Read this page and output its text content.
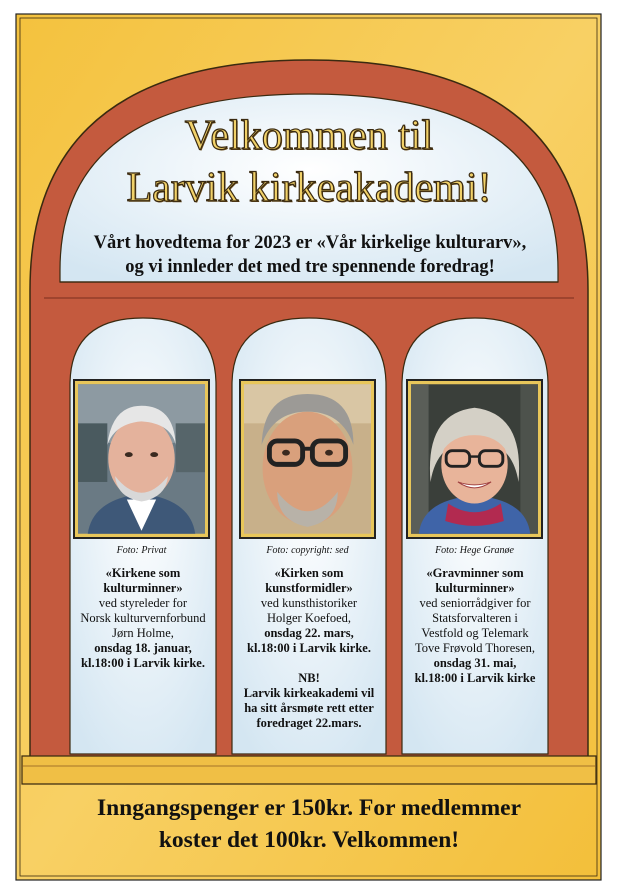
Velkommen til
Larvik kirkeakademi!
Vårt hovedtema for 2023 er «Vår kirkelige kulturarv»,
og vi innleder det med tre spennende foredrag!
Foto: Privat	Foto: copyright: sed	Foto: Hege Granøe
«Kirkene som
kulturminner»
ved styreleder for
Norsk kulturvernforbund
Jørn Holme,
onsdag 18. januar,
kl.18:00 i Larvik kirke.
«Kirken som
kunstformidler»
ved kunsthistoriker
Holger Koefoed,
onsdag 22. mars,
kl.18:00 i Larvik kirke.
NB!
Larvik kirkeakademi vil
ha sitt årsmøte rett etter
foredraget 22.mars.
«Gravminner som
kulturminner»
ved seniorrådgiver for
Statsforvalteren i
Vestfold og Telemark
Tove Frøvold Thoresen,
onsdag 31. mai,
kl.18:00 i Larvik kirke
Inngangspenger er 150kr. For medlemmer
koster det 100kr. Velkommen!
